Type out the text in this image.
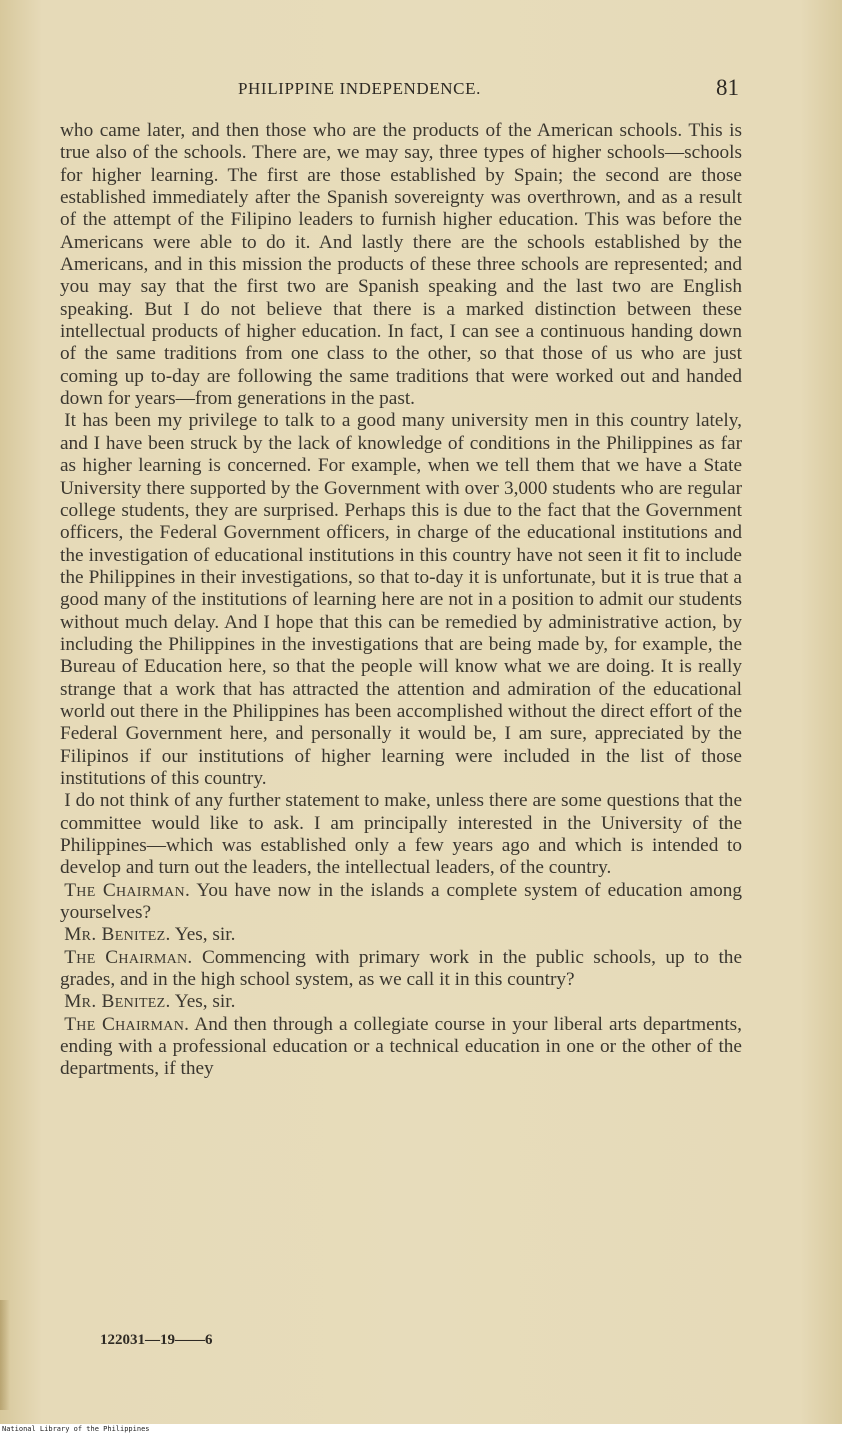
PHILIPPINE INDEPENDENCE.	81

who came later, and then those who are the products of the American schools. This is true also of the schools. There are, we may say, three types of higher schools—schools for higher learning. The first are those established by Spain; the second are those established immediately after the Spanish sovereignty was overthrown, and as a result of the attempt of the Filipino leaders to furnish higher education. This was before the Americans were able to do it. And lastly there are the schools established by the Americans, and in this mission the products of these three schools are represented; and you may say that the first two are Spanish speaking and the last two are English speaking. But I do not believe that there is a marked distinction between these intellectual products of higher education. In fact, I can see a continuous handing down of the same traditions from one class to the other, so that those of us who are just coming up to-day are following the same traditions that were worked out and handed down for years—from generations in the past.

It has been my privilege to talk to a good many university men in this country lately, and I have been struck by the lack of knowledge of conditions in the Philippines as far as higher learning is concerned. For example, when we tell them that we have a State University there supported by the Government with over 3,000 students who are regular college students, they are surprised. Perhaps this is due to the fact that the Government officers, the Federal Government officers, in charge of the educational institutions and the investigation of educational institutions in this country have not seen it fit to include the Philippines in their investigations, so that to-day it is unfortunate, but it is true that a good many of the institutions of learning here are not in a position to admit our students without much delay. And I hope that this can be remedied by administrative action, by including the Philippines in the investigations that are being made by, for example, the Bureau of Education here, so that the people will know what we are doing. It is really strange that a work that has attracted the attention and admiration of the educational world out there in the Philippines has been accomplished without the direct effort of the Federal Government here, and personally it would be, I am sure, appreciated by the Filipinos if our institutions of higher learning were included in the list of those institutions of this country.

I do not think of any further statement to make, unless there are some questions that the committee would like to ask. I am principally interested in the University of the Philippines—which was established only a few years ago and which is intended to develop and turn out the leaders, the intellectual leaders, of the country.

The Chairman. You have now in the islands a complete system of education among yourselves?

Mr. Benitez. Yes, sir.

The Chairman. Commencing with primary work in the public schools, up to the grades, and in the high school system, as we call it in this country?

Mr. Benitez. Yes, sir.

The Chairman. And then through a collegiate course in your liberal arts departments, ending with a professional education or a technical education in one or the other of the departments, if they

122031—19——6
National Library of the Philippines
